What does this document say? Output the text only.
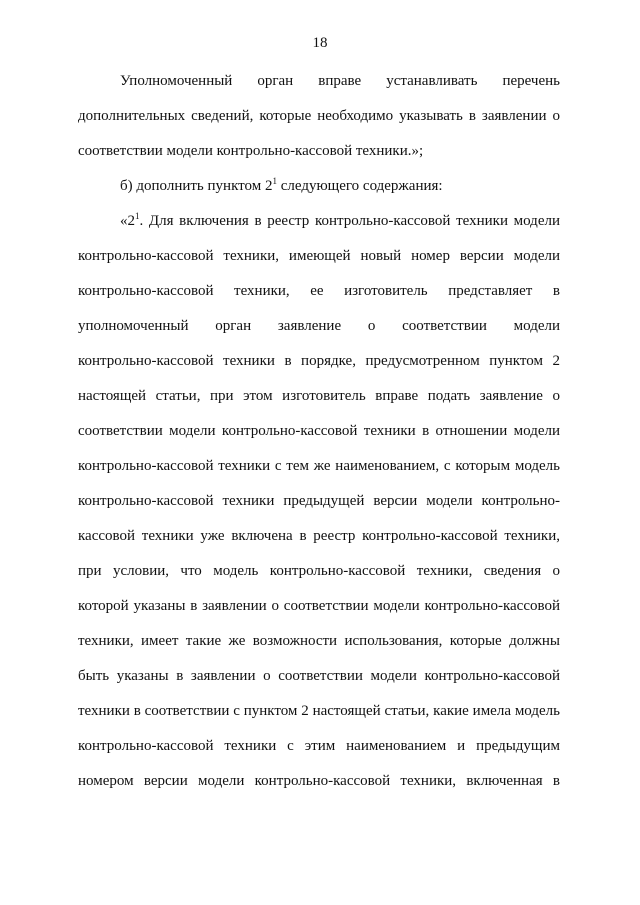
18
Уполномоченный орган вправе устанавливать перечень
дополнительных сведений, которые необходимо указывать в заявлении о
соответствии модели контрольно-кассовой техники.»;
б) дополнить пунктом $2^1$ следующего содержания:
«$2^1$. Для включения в реестр контрольно-кассовой техники модели
контрольно-кассовой техники, имеющей новый номер версии модели
контрольно-кассовой техники, ее изготовитель представляет в
уполномоченный орган заявление о соответствии модели
контрольно-кассовой техники в порядке, предусмотренном пунктом 2
настоящей статьи, при этом изготовитель вправе подать заявление о
соответствии модели контрольно-кассовой техники в отношении модели
контрольно-кассовой техники с тем же наименованием, с которым модель
контрольно-кассовой техники предыдущей версии модели контрольно-
кассовой техники уже включена в реестр контрольно-кассовой техники,
при условии, что модель контрольно-кассовой техники, сведения о
которой указаны в заявлении о соответствии модели контрольно-кассовой
техники, имеет такие же возможности использования, которые должны
быть указаны в заявлении о соответствии модели контрольно-кассовой
техники в соответствии с пунктом 2 настоящей статьи, какие имела модель
контрольно-кассовой техники с этим наименованием и предыдущим
номером версии модели контрольно-кассовой техники, включенная в
